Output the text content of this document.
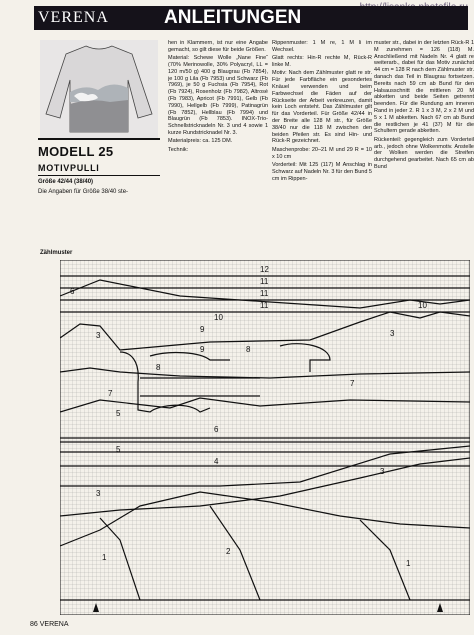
VERENA	ANLEITUNGEN
MODELL 25
MOTIVPULLI
Größe 42/44 (38/40)
Die Angaben für Größe 38/40 ste-

hen in Klammern, ist nur eine Angabe gemacht, so gilt diese für beide Größen.

Material: Schewe Wolle „Nane Fine“ (70% Merinowolle, 30% Polyacryl, LL = 120 m/50 g) 400 g Blaugrau (Fb 7854), je 100 g Lila (Fb 7953) und Schwarz (Fb 7969), je 50 g Fuchsia (Fb 7954), Rot (Fb 7924), Rosenholz (Fb 7982), Altrosé (Fb 7983), Apricot (Fb 7991), Gelb (Fb 7990), Hellgelb (Fb 7999), Patinagrün (Fb 7852), Hellblau (Fb 7994) und Blaugrün (Fb 7853). INOX-Trio-Schnellstricknadeln Nr. 3 und 4 sowie 1 kurze Rundstricknadel Nr. 3.

Materialpreis: ca. 125 DM.

Technik:

Rippenmuster: 1 M re, 1 M li im Wechsel.

Glatt rechts: Hin-R rechte M, Rück-R linke M.

Motiv: Nach dem Zählmuster glatt re str. Für jede Farbfläche ein gesondertes Knäuel verwenden und beim Farbwechsel die Fäden auf der Rückseite der Arbeit verkreuzen, damit kein Loch entsteht. Das Zählmuster gilt für das Vorderteil. Für Größe 42/44 in der Breite alle 128 M str., für Größe 38/40 nur die 118 M zwischen den beiden Pfeilen str. Es sind Hin- und Rück-R gezeichnet.

Maschenprobe: 20–21 M und 29 R = 10 x 10 cm

Vorderteil: Mit 125 (117) M Anschlag in Schwarz auf Nadeln Nr. 3 für den Bund 5 cm im Rippen-

muster str., dabei in der letzten Rück-R 1 M zunehmen = 126 (118) M. Anschließend mit Nadeln Nr. 4 glatt re weiterarb., dabei für das Motiv zunächst 44 cm = 128 R nach dem Zählmuster str. danach das Teil in Blaugrau fortsetzen. Bereits nach 59 cm ab Bund für den Halsausschnitt die mittleren 20 M abketten und beide Seiten getrennt beenden. Für die Rundung am inneren Rand in jeder 2. R 1 x 3 M, 2 x 2 M und 5 x 1 M abketten. Nach 67 cm ab Bund die restlichen je 41 (37) M für die Schultern gerade abketten.

Rückenteil: gegengleich zum Vorderteil arb., jedoch ohne Wolkenmotiv. Anstelle der Wolken werden die Streifen durchgehend gearbeitet. Nach 65 cm ab Bund

Zählmuster
12
11
11
11
10
10
9
9
8
8
7
7
6
6
5
5
4
3	3
3
3
2
1
1
86 VERENA
